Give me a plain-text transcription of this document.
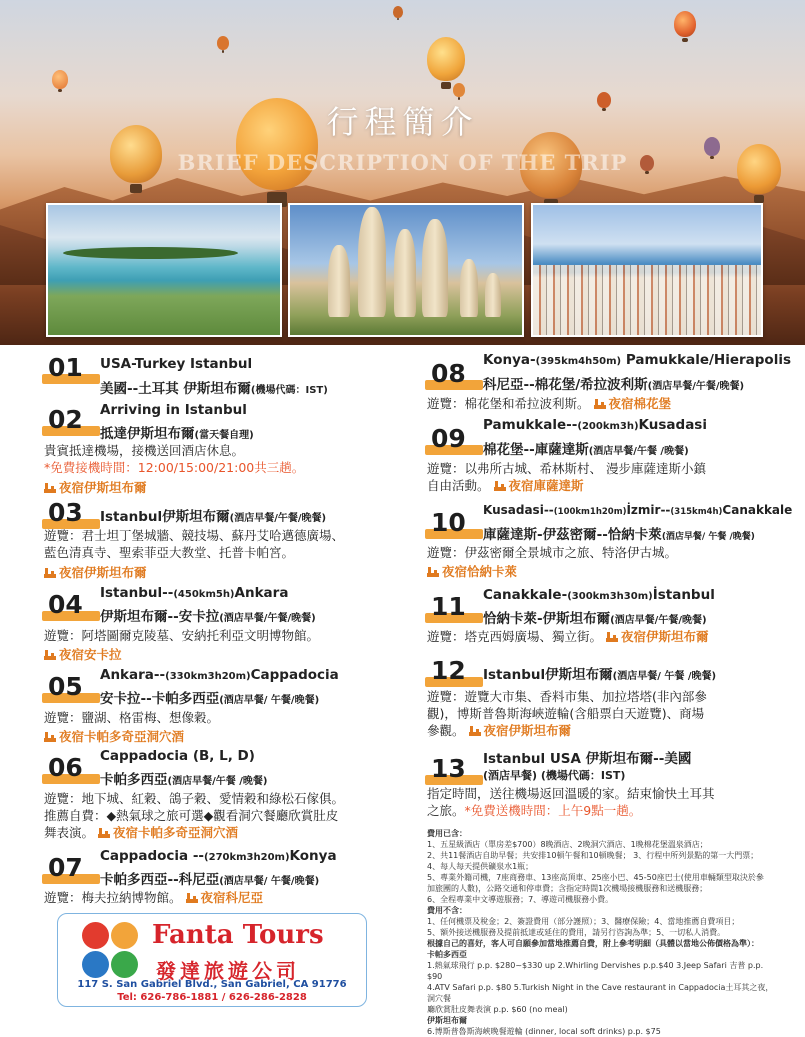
行程簡介
BRIEF DESCRIPTION OF THE TRIP
01	USA-Turkey Istanbul
美國--土耳其 伊斯坦布爾(機場代碼：IST)
02	Arriving in Istanbul
抵達伊斯坦布爾(當天餐自理)
貴賓抵達機場，接機送回酒店休息。
*免費接機時間：12:00/15:00/21:00共三趟。
夜宿伊斯坦布爾
03	Istanbul伊斯坦布爾(酒店早餐/午餐/晚餐)
遊覽：君士坦丁堡城牆、競技場、蘇丹艾哈邁德廣場、
藍色清真寺、聖索菲亞大教堂、托普卡帕宮。
夜宿伊斯坦布爾
04	Istanbul--(450km5h)Ankara
伊斯坦布爾--安卡拉(酒店早餐/午餐/晚餐)
遊覽：阿塔圖爾克陵墓、安納托利亞文明博物館。
夜宿安卡拉
05	Ankara--(330km3h20m)Cappadocia
安卡拉--卡帕多西亞(酒店早餐/ 午餐/晚餐)
遊覽：鹽湖、格雷梅、想像穀。
夜宿卡帕多奇亞洞穴酒
06	Cappadocia (B, L, D)
卡帕多西亞(酒店早餐/午餐 /晚餐)
遊覽：地下城、紅穀、鴿子穀、愛情穀和綠松石傢俱。
推薦自費：◆熱氣球之旅可選◆觀看洞穴餐廳欣賞肚皮
舞表演。 夜宿卡帕多奇亞洞穴酒
07	Cappadocia --(270km3h20m)Konya
卡帕多西亞--科尼亞(酒店早餐/ 午餐/晚餐)
遊覽：梅夫拉納博物館。 夜宿科尼亞
08	Konya-(395km4h50m) Pamukkale/Hierapolis
科尼亞--棉花堡/希拉波利斯(酒店早餐/午餐/晚餐)
遊覽：棉花堡和希拉波利斯。 夜宿棉花堡
09	Pamukkale--(200km3h)Kusadasi
棉花堡--庫薩達斯(酒店早餐/午餐 /晚餐)
遊覽：以弗所古城、希林斯村、 漫步庫薩達斯小鎮
自由活動。 夜宿庫薩達斯
10	Kusadasi--(100km1h20m)İzmir--(315km4h)Canakkale
庫薩達斯-伊茲密爾--恰納卡萊(酒店早餐/ 午餐 /晚餐)
遊覽：伊茲密爾全景城市之旅、特洛伊古城。
夜宿恰納卡萊
11	Canakkale-(300km3h30m)İstanbul
恰納卡萊-伊斯坦布爾(酒店早餐/午餐/晚餐)
遊覽：塔克西姆廣場、獨立街。 夜宿伊斯坦布爾
12	Istanbul伊斯坦布爾(酒店早餐/ 午餐 /晚餐)
遊覽：遊覽大市集、香料市集、加拉塔塔(非內部參
觀)，博斯普魯斯海峽遊輪(含船票白天遊覽)、商場
參觀。 夜宿伊斯坦布爾
13	Istanbul USA 伊斯坦布爾--美國
(酒店早餐) (機場代碼：IST)
指定時間，送往機場返回溫暖的家。結束愉快土耳其
之旅。*免費送機時間：上午9點一趟。
費用已含：
1、五星級酒店（單房差$700）8晚酒店、2晚洞穴酒店、1晚棉花堡溫泉酒店；
2、共11餐酒店自助早餐；共安排10頓午餐和10頓晚餐； 3、行程中所列景點的第一大門票；
4、每人每天提供礦泉水1瓶；
5、專業外籍司機，7座商務車、13座高頂車、25座小巴、45-50座巴士(使用車輛類型取決於參
加旅團的人數)，公路交通和停車費；含指定時間1次機場接機服務和送機服務；
6、全程專業中文導遊服務；7、導遊司機服務小費。
費用不含：
1、任何機票及稅金；2、簽證費用（部分護照）；3、醫療保險；4、當地推薦自費項目；
5、額外接送機服務及提前抵達或延住的費用，請另行咨詢為準；5、一切私人消費。
根據自己的喜好，客人可自願參加當地推薦自費，附上參考明細（具體以當地公佈價格為準）：
卡帕多西亞
1.熱氣球飛行 p.p. $280~$330 up 2.Whirling Dervishes p.p.$40 3.Jeep Safari 吉普 p.p. $90
4.ATV Safari p.p. $80 5.Turkish Night in the Cave restaurant in Cappadocia土耳其之夜，洞穴餐
廳欣賞肚皮舞表演 p.p. $60 (no meal)
伊斯坦布爾
6.博斯普魯斯海峽晚餐遊輪 (dinner, local soft drinks) p.p. $75
Fanta Tours
發達旅遊公司
117 S. San Gabriel Blvd., San Gabriel, CA 91776
Tel: 626-786-1881 / 626-286-2828
